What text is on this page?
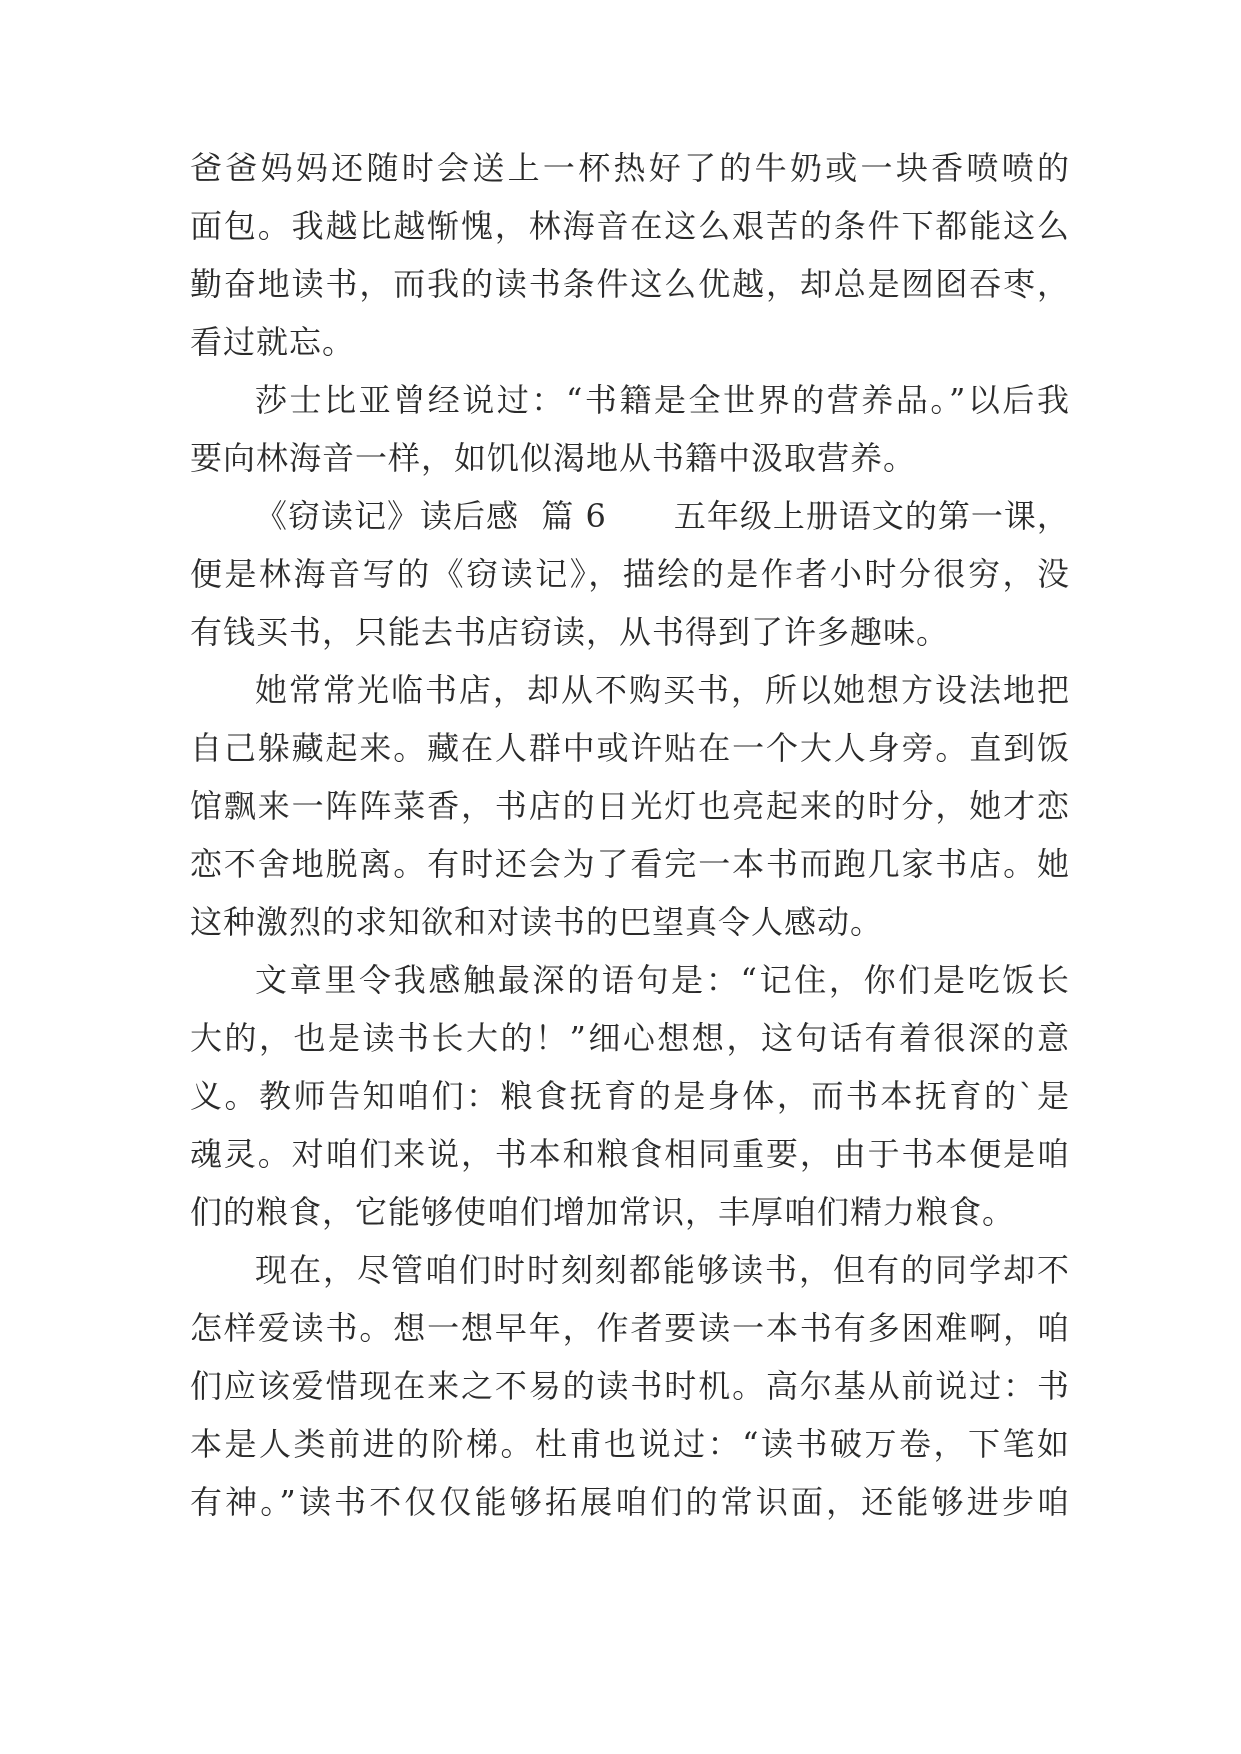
爸爸妈妈还随时会送上一杯热好了的牛奶或一块香喷喷的
面包。我越比越惭愧，林海音在这么艰苦的条件下都能这么
勤奋地读书，而我的读书条件这么优越，却总是囫囵吞枣，
看过就忘。
莎士比亚曾经说过：“书籍是全世界的营养品。”以后我
要向林海音一样，如饥似渴地从书籍中汲取营养。
《窃读记》读后感  篇 6      五年级上册语文的第一课，
便是林海音写的《窃读记》，描绘的是作者小时分很穷，没
有钱买书，只能去书店窃读，从书得到了许多趣味。
她常常光临书店，却从不购买书，所以她想方设法地把
自己躲藏起来。藏在人群中或许贴在一个大人身旁。直到饭
馆飘来一阵阵菜香，书店的日光灯也亮起来的时分，她才恋
恋不舍地脱离。有时还会为了看完一本书而跑几家书店。她
这种激烈的求知欲和对读书的巴望真令人感动。
文章里令我感触最深的语句是：“记住，你们是吃饭长
大的，也是读书长大的！”细心想想，这句话有着很深的意
义。教师告知咱们：粮食抚育的是身体，而书本抚育的`是
魂灵。对咱们来说，书本和粮食相同重要，由于书本便是咱
们的粮食，它能够使咱们增加常识，丰厚咱们精力粮食。
现在，尽管咱们时时刻刻都能够读书，但有的同学却不
怎样爱读书。想一想早年，作者要读一本书有多困难啊，咱
们应该爱惜现在来之不易的读书时机。高尔基从前说过：书
本是人类前进的阶梯。杜甫也说过：“读书破万卷，下笔如
有神。”读书不仅仅能够拓展咱们的常识面，还能够进步咱
